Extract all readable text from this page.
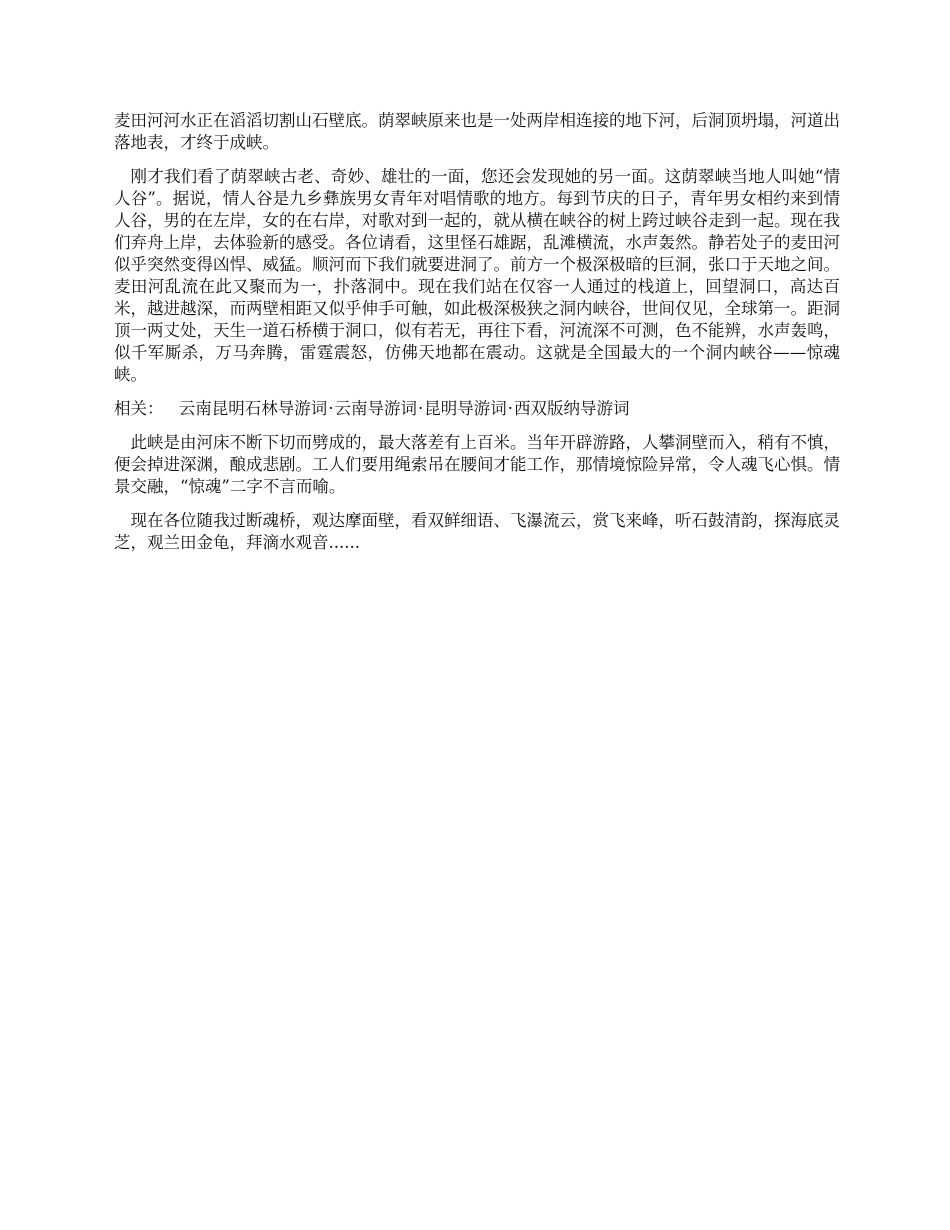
麦田河河水正在滔滔切割山石壁底。荫翠峡原来也是一处两岸相连接的地下河，后洞顶坍塌，河道出落地表，才终于成峡。

刚才我们看了荫翠峡古老、奇妙、雄壮的一面，您还会发现她的另一面。这荫翠峡当地人叫她“情人谷”。据说，情人谷是九乡彝族男女青年对唱情歌的地方。每到节庆的日子，青年男女相约来到情人谷，男的在左岸，女的在右岸，对歌对到一起的，就从横在峡谷的树上跨过峡谷走到一起。现在我们弃舟上岸，去体验新的感受。各位请看，这里怪石雄踞，乱滩横流，水声轰然。静若处子的麦田河似乎突然变得凶悍、威猛。顺河而下我们就要进洞了。前方一个极深极暗的巨洞，张口于天地之间。麦田河乱流在此又聚而为一，扑落洞中。现在我们站在仅容一人通过的栈道上，回望洞口，高达百米，越进越深，而两壁相距又似乎伸手可触，如此极深极狭之洞内峡谷，世间仅见，全球第一。距洞顶一两丈处，天生一道石桥横于洞口，似有若无，再往下看，河流深不可测，色不能辨，水声轰鸣，似千军厮杀，万马奔腾，雷霆震怒，仿佛天地都在震动。这就是全国最大的一个洞内峡谷——惊魂峡。

相关： 云南昆明石林导游词·云南导游词·昆明导游词·西双版纳导游词

此峡是由河床不断下切而劈成的，最大落差有上百米。当年开辟游路，人攀洞壁而入，稍有不慎，便会掉进深渊，酿成悲剧。工人们要用绳索吊在腰间才能工作，那情境惊险异常，令人魂飞心惧。情景交融，“惊魂”二字不言而喻。

现在各位随我过断魂桥，观达摩面壁，看双鲜细语、飞瀑流云，赏飞来峰，听石鼓清韵，探海底灵芝，观兰田金龟，拜滴水观音......
